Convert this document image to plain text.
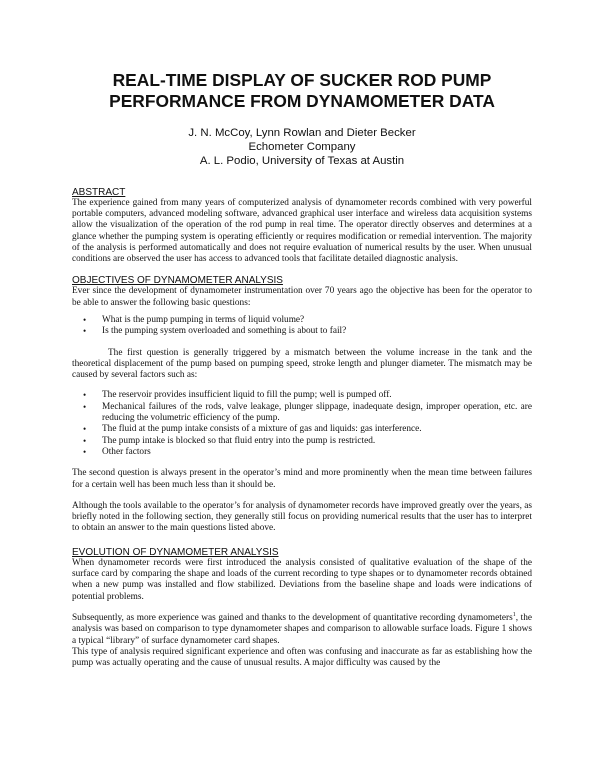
REAL-TIME DISPLAY OF SUCKER ROD PUMP
PERFORMANCE FROM DYNAMOMETER DATA
J. N. McCoy, Lynn Rowlan and Dieter Becker
Echometer Company
A. L. Podio, University of Texas at Austin
ABSTRACT

The experience gained from many years of computerized analysis of dynamometer records combined with very powerful portable computers, advanced modeling software, advanced graphical user interface and wireless data acquisition systems allow the visualization of the operation of the rod pump in real time. The operator directly observes and determines at a glance whether the pumping system is operating efficiently or requires modification or remedial intervention. The majority of the analysis is performed automatically and does not require evaluation of numerical results by the user. When unusual conditions are observed the user has access to advanced tools that facilitate detailed diagnostic analysis.

OBJECTIVES OF DYNAMOMETER ANALYSIS

Ever since the development of dynamometer instrumentation over 70 years ago the objective has been for the operator to be able to answer the following basic questions:

• What is the pump pumping in terms of liquid volume?
• Is the pumping system overloaded and something is about to fail?

The first question is generally triggered by a mismatch between the volume increase in the tank and the theoretical displacement of the pump based on pumping speed, stroke length and plunger diameter. The mismatch may be caused by several factors such as:

• The reservoir provides insufficient liquid to fill the pump; well is pumped off.
• Mechanical failures of the rods, valve leakage, plunger slippage, inadequate design, improper operation, etc. are reducing the volumetric efficiency of the pump.
• The fluid at the pump intake consists of a mixture of gas and liquids: gas interference.
• The pump intake is blocked so that fluid entry into the pump is restricted.
• Other factors

The second question is always present in the operator’s mind and more prominently when the mean time between failures for a certain well has been much less than it should be.

Although the tools available to the operator’s for analysis of dynamometer records have improved greatly over the years, as briefly noted in the following section, they generally still focus on providing numerical results that the user has to interpret to obtain an answer to the main questions listed above.

EVOLUTION OF DYNAMOMETER ANALYSIS

When dynamometer records were first introduced the analysis consisted of qualitative evaluation of the shape of the surface card by comparing the shape and loads of the current recording to type shapes or to dynamometer records obtained when a new pump was installed and flow stabilized. Deviations from the baseline shape and loads were indications of potential problems.

Subsequently, as more experience was gained and thanks to the development of quantitative recording dynamometers$^1$, the analysis was based on comparison to type dynamometer shapes and comparison to allowable surface loads. Figure 1 shows a typical “library” of surface dynamometer card shapes.

This type of analysis required significant experience and often was confusing and inaccurate as far as establishing how the pump was actually operating and the cause of unusual results. A major difficulty was caused by the
